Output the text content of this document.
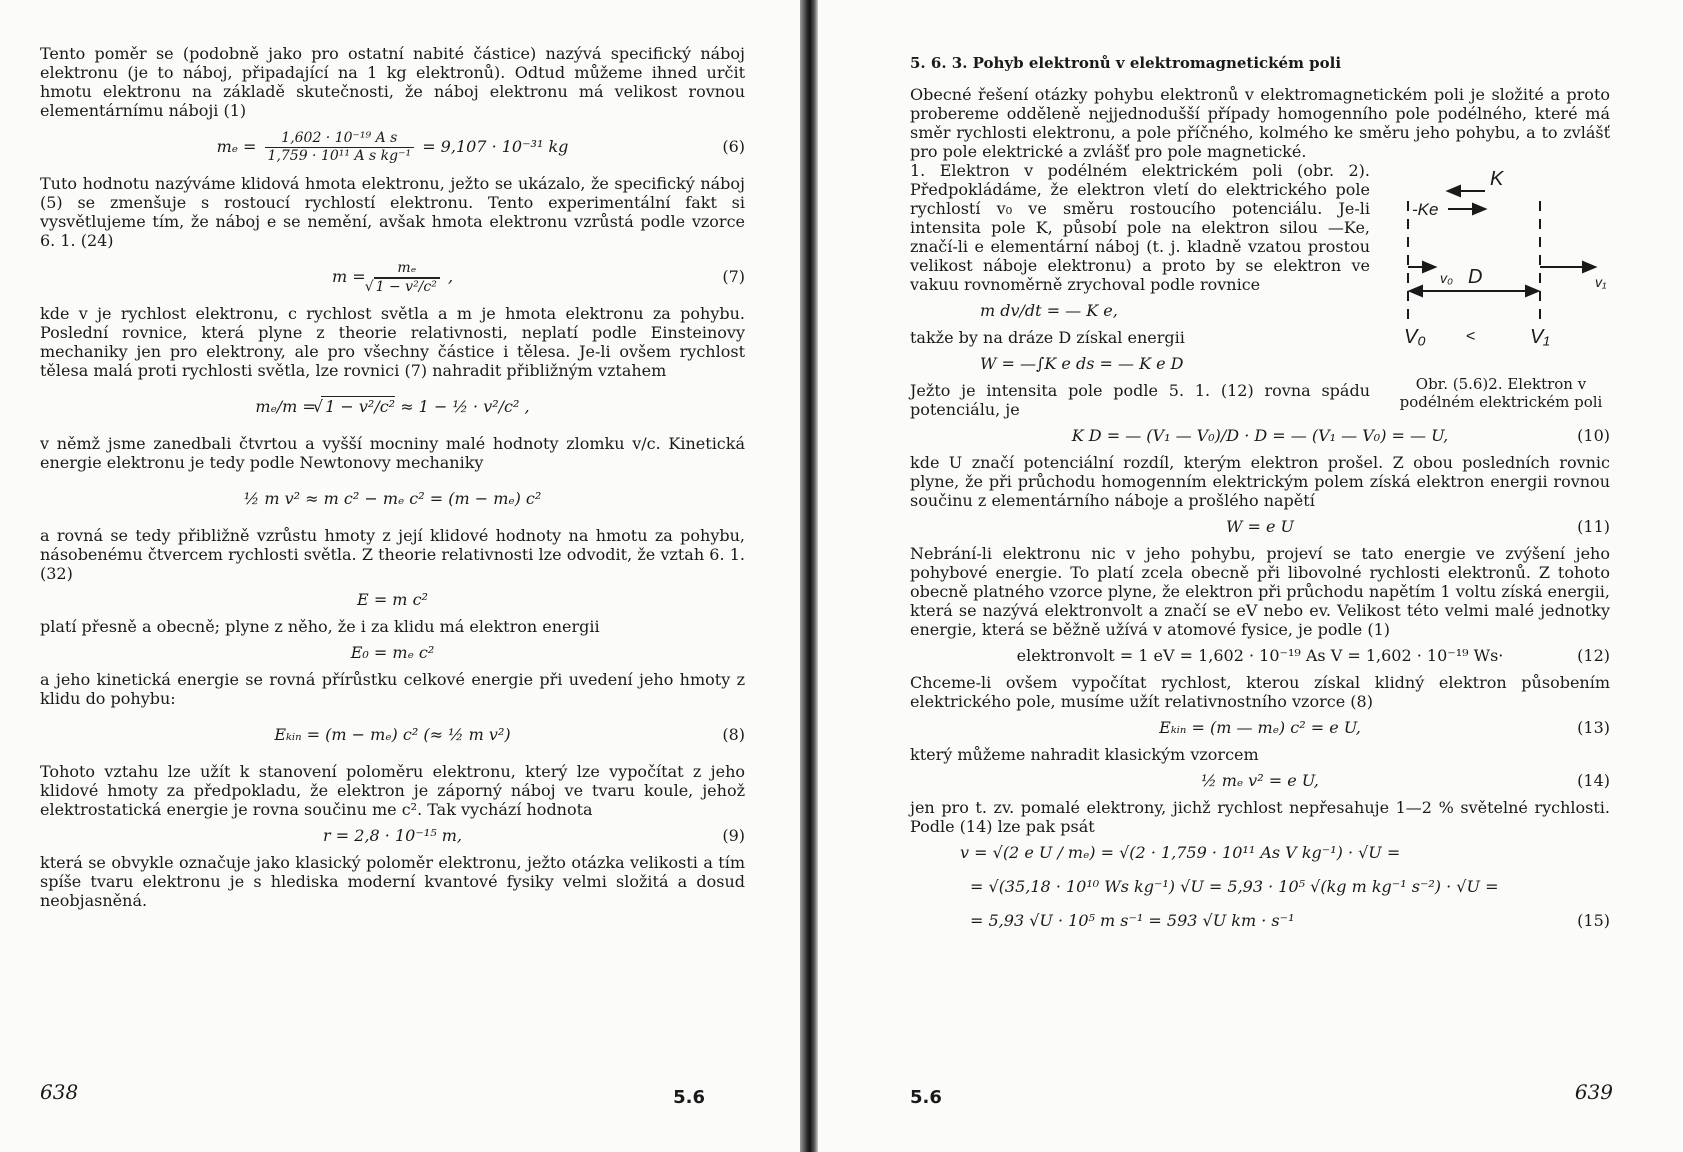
Tento poměr se (podobně jako pro ostatní nabité částice) nazývá specifický náboj elektronu (je to náboj, připadající na 1 kg elektronů). Odtud můžeme ihned určit hmotu elektronu na základě skutečnosti, že náboj elektronu má velikost rovnou elementárnímu náboji (1)

$m_e = \frac{\text{1,602 · 10⁻¹⁹ A s}}{\text{1,759 · 10¹¹ A s kg⁻¹}} = 9,107 \cdot 10^{-31}$ kg	(6)

Tuto hodnotu nazýváme klidová hmota elektronu, ježto se ukázalo, že specifický náboj (5) se zmenšuje s rostoucí rychlostí elektronu. Tento experimentální fakt si vysvětlujeme tím, že náboj e se nemění, avšak hmota elektronu vzrůstá podle vzorce 6. 1. (24)

m = mₑ
√ 1 − v²/c² ,	(7)

kde v je rychlost elektronu, c rychlost světla a m je hmota elektronu za pohybu. Poslední rovnice, která plyne z theorie relativnosti, neplatí podle Einsteinovy mechaniky jen pro elektrony, ale pro všechny částice i tělesa. Je-li ovšem rychlost tělesa malá proti rychlosti světla, lze rovnici (7) nahradit přibližným vztahem

mₑ/m = √ 1 − v²/c² ≈ 1 − ½ · v²/c² ,

v němž jsme zanedbali čtvrtou a vyšší mocniny malé hodnoty zlomku v/c. Kinetická energie elektronu je tedy podle Newtonovy mechaniky

½ m v² ≈ m c² − mₑ c² = (m − mₑ) c²

a rovná se tedy přibližně vzrůstu hmoty z její klidové hodnoty na hmotu za pohybu, násobenému čtvercem rychlosti světla. Z theorie relativnosti lze odvodit, že vztah 6. 1. (32)

E = m c²

platí přesně a obecně; plyne z něho, že i za klidu má elektron energii

E₀ = mₑ c²

a jeho kinetická energie se rovná přírůstku celkové energie při uvedení jeho hmoty z klidu do pohybu:

Eₖᵢₙ = (m − mₑ) c² (≈ ½ m v²)	(8)

Tohoto vztahu lze užít k stanovení poloměru elektronu, který lze vypočítat z jeho klidové hmoty za předpokladu, že elektron je záporný náboj ve tvaru koule, jehož elektrostatická energie je rovna součinu me c². Tak vychází hodnota

r = 2,8 · 10⁻¹⁵ m,	(9)

která se obvykle označuje jako klasický poloměr elektronu, ježto otázka velikosti a tím spíše tvaru elektronu je s hlediska moderní kvantové fysiky velmi složitá a dosud neobjasněná.

638	5.6
5. 6. 3. Pohyb elektronů v elektromagnetickém poli

Obecné řešení otázky pohybu elektronů v elektromagnetickém poli je složité a proto probereme odděleně nejjednodušší případy homogenního pole podélného, které má směr rychlosti elektronu, a pole příčného, kolmého ke směru jeho pohybu, a to zvlášť pro pole elektrické a zvlášť pro pole magnetické.

1. Elektron v podélném elektrickém poli (obr. 2). Předpokládáme, že elektron vletí do elektrického pole rychlostí v₀ ve směru rostoucího potenciálu. Je-li intensita pole K, působí pole na elektron silou —Ke, značí-li e elementární náboj (t. j. kladně vzatou prostou velikost náboje elektronu) a proto by se elektron ve vakuu rovnoměrně zrychoval podle rovnice

m dv/dt = — K e,

takže by na dráze D získal energii

W = —∫K e ds = — K e D

Ježto je intensita pole podle 5. 1. (12) rovna spádu potenciálu, je

K
-Ke
v₀	v₁
D
V₀	<	V₁
Obr. (5.6)2. Elektron v podélném elektrickém poli
K D = — (V₁ — V₀)/D · D = — (V₁ — V₀) = — U,	(10)

kde U značí potenciální rozdíl, kterým elektron prošel. Z obou posledních rovnic plyne, že při průchodu homogenním elektrickým polem získá elektron energii rovnou součinu z elementárního náboje a prošlého napětí

W = e U	(11)

Nebrání-li elektronu nic v jeho pohybu, projeví se tato energie ve zvýšení jeho pohybové energie. To platí zcela obecně při libovolné rychlosti elektronů. Z tohoto obecně platného vzorce plyne, že elektron při průchodu napětím 1 voltu získá energii, která se nazývá elektronvolt a značí se eV nebo ev. Velikost této velmi malé jednotky energie, která se běžně užívá v atomové fysice, je podle (1)

elektronvolt = 1 eV = 1,602 · 10⁻¹⁹ As V = 1,602 · 10⁻¹⁹ Ws·	(12)

Chceme-li ovšem vypočítat rychlost, kterou získal klidný elektron působením elektrického pole, musíme užít relativnostního vzorce (8)

Eₖᵢₙ = (m — mₑ) c² = e U,	(13)

který můžeme nahradit klasickým vzorcem

½ mₑ v² = e U,	(14)

jen pro t. zv. pomalé elektrony, jichž rychlost nepřesahuje 1—2 % světelné rychlosti. Podle (14) lze pak psát

v = √(2 e U / mₑ) = √(2 · 1,759 · 10¹¹ As V kg⁻¹) · √U =
= √(35,18 · 10¹⁰ Ws kg⁻¹) √U = 5,93 · 10⁵ √(kg m kg⁻¹ s⁻²) · √U =
= 5,93 √U · 10⁵ m s⁻¹ = 593 √U km · s⁻¹	(15)
5.6	639
